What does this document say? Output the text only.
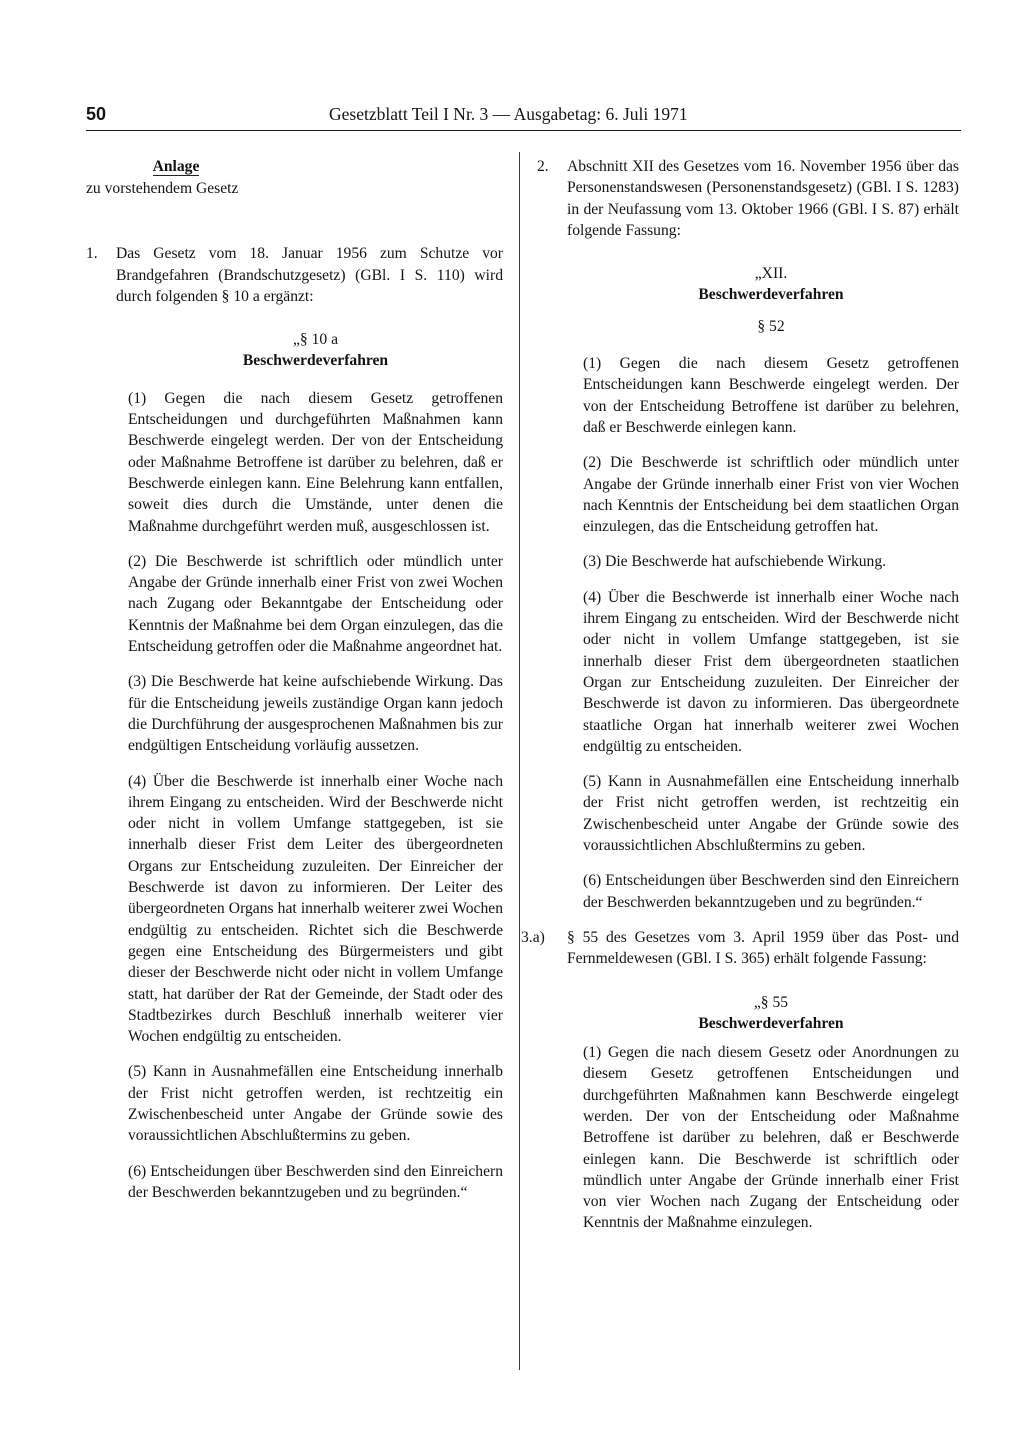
50	Gesetzblatt Teil I Nr. 3 — Ausgabetag: 6. Juli 1971

Anlage

zu vorstehendem Gesetz

1.	Das Gesetz vom 18. Januar 1956 zum Schutze vor Brandgefahren (Brandschutzgesetz) (GBl. I S. 110) wird durch folgenden § 10 a ergänzt:

„§ 10 a

Beschwerdeverfahren

(1) Gegen die nach diesem Gesetz getroffenen Entscheidungen und durchgeführten Maßnahmen kann Beschwerde eingelegt werden. Der von der Entscheidung oder Maßnahme Betroffene ist darüber zu belehren, daß er Beschwerde einlegen kann. Eine Belehrung kann entfallen, soweit dies durch die Umstände, unter denen die Maßnahme durchgeführt werden muß, ausgeschlossen ist.

(2) Die Beschwerde ist schriftlich oder mündlich unter Angabe der Gründe innerhalb einer Frist von zwei Wochen nach Zugang oder Bekanntgabe der Entscheidung oder Kenntnis der Maßnahme bei dem Organ einzulegen, das die Entscheidung getroffen oder die Maßnahme angeordnet hat.

(3) Die Beschwerde hat keine aufschiebende Wirkung. Das für die Entscheidung jeweils zuständige Organ kann jedoch die Durchführung der ausgesprochenen Maßnahmen bis zur endgültigen Entscheidung vorläufig aussetzen.

(4) Über die Beschwerde ist innerhalb einer Woche nach ihrem Eingang zu entscheiden. Wird der Beschwerde nicht oder nicht in vollem Umfange stattgegeben, ist sie innerhalb dieser Frist dem Leiter des übergeordneten Organs zur Entscheidung zuzuleiten. Der Einreicher der Beschwerde ist davon zu informieren. Der Leiter des übergeordneten Organs hat innerhalb weiterer zwei Wochen endgültig zu entscheiden. Richtet sich die Beschwerde gegen eine Entscheidung des Bürgermeisters und gibt dieser der Beschwerde nicht oder nicht in vollem Umfange statt, hat darüber der Rat der Gemeinde, der Stadt oder des Stadtbezirkes durch Beschluß innerhalb weiterer vier Wochen endgültig zu entscheiden.

(5) Kann in Ausnahmefällen eine Entscheidung innerhalb der Frist nicht getroffen werden, ist rechtzeitig ein Zwischenbescheid unter Angabe der Gründe sowie des voraussichtlichen Abschlußtermins zu geben.

(6) Entscheidungen über Beschwerden sind den Einreichern der Beschwerden bekanntzugeben und zu begründen.“

2.	Abschnitt XII des Gesetzes vom 16. November 1956 über das Personenstandswesen (Personenstandsgesetz) (GBl. I S. 1283) in der Neufassung vom 13. Oktober 1966 (GBl. I S. 87) erhält folgende Fassung:

„XII.

Beschwerdeverfahren

§ 52

(1) Gegen die nach diesem Gesetz getroffenen Entscheidungen kann Beschwerde eingelegt werden. Der von der Entscheidung Betroffene ist darüber zu belehren, daß er Beschwerde einlegen kann.

(2) Die Beschwerde ist schriftlich oder mündlich unter Angabe der Gründe innerhalb einer Frist von vier Wochen nach Kenntnis der Entscheidung bei dem staatlichen Organ einzulegen, das die Entscheidung getroffen hat.

(3) Die Beschwerde hat aufschiebende Wirkung.

(4) Über die Beschwerde ist innerhalb einer Woche nach ihrem Eingang zu entscheiden. Wird der Beschwerde nicht oder nicht in vollem Umfange stattgegeben, ist sie innerhalb dieser Frist dem übergeordneten staatlichen Organ zur Entscheidung zuzuleiten. Der Einreicher der Beschwerde ist davon zu informieren. Das übergeordnete staatliche Organ hat innerhalb weiterer zwei Wochen endgültig zu entscheiden.

(5) Kann in Ausnahmefällen eine Entscheidung innerhalb der Frist nicht getroffen werden, ist rechtzeitig ein Zwischenbescheid unter Angabe der Gründe sowie des voraussichtlichen Abschlußtermins zu geben.

(6) Entscheidungen über Beschwerden sind den Einreichern der Beschwerden bekanntzugeben und zu begründen.“

3.a)	§ 55 des Gesetzes vom 3. April 1959 über das Post- und Fernmeldewesen (GBl. I S. 365) erhält folgende Fassung:

„§ 55

Beschwerdeverfahren

(1) Gegen die nach diesem Gesetz oder Anordnungen zu diesem Gesetz getroffenen Entscheidungen und durchgeführten Maßnahmen kann Beschwerde eingelegt werden. Der von der Entscheidung oder Maßnahme Betroffene ist darüber zu belehren, daß er Beschwerde einlegen kann. Die Beschwerde ist schriftlich oder mündlich unter Angabe der Gründe innerhalb einer Frist von vier Wochen nach Zugang der Entscheidung oder Kenntnis der Maßnahme einzulegen.
